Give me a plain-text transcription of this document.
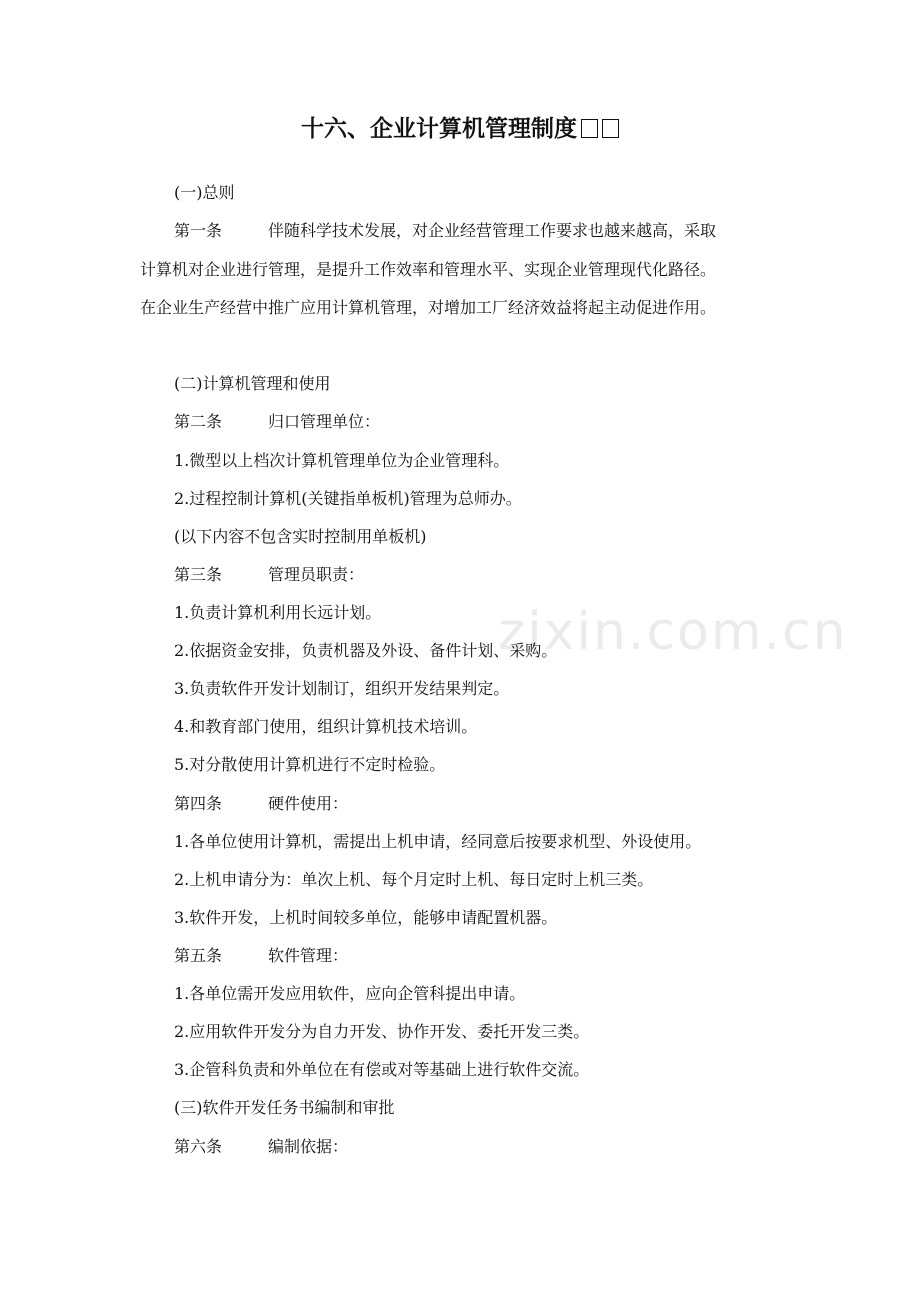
十六、企业计算机管理制度
(一)总则
第一条	伴随科学技术发展，对企业经营管理工作要求也越来越高，采取
计算机对企业进行管理，是提升工作效率和管理水平、实现企业管理现代化路径。
在企业生产经营中推广应用计算机管理，对增加工厂经济效益将起主动促进作用。
(二)计算机管理和使用
第二条	归口管理单位：
1.微型以上档次计算机管理单位为企业管理科。
2.过程控制计算机(关键指单板机)管理为总师办。
(以下内容不包含实时控制用单板机)
第三条	管理员职责：
1.负责计算机利用长远计划。
2.依据资金安排，负责机器及外设、备件计划、采购。
3.负责软件开发计划制订，组织开发结果判定。
4.和教育部门使用，组织计算机技术培训。
5.对分散使用计算机进行不定时检验。
第四条	硬件使用：
1.各单位使用计算机，需提出上机申请，经同意后按要求机型、外设使用。
2.上机申请分为：单次上机、每个月定时上机、每日定时上机三类。
3.软件开发，上机时间较多单位，能够申请配置机器。
第五条	软件管理：
1.各单位需开发应用软件，应向企管科提出申请。
2.应用软件开发分为自力开发、协作开发、委托开发三类。
3.企管科负责和外单位在有偿或对等基础上进行软件交流。
(三)软件开发任务书编制和审批
第六条	编制依据：
zixin.com.cn
